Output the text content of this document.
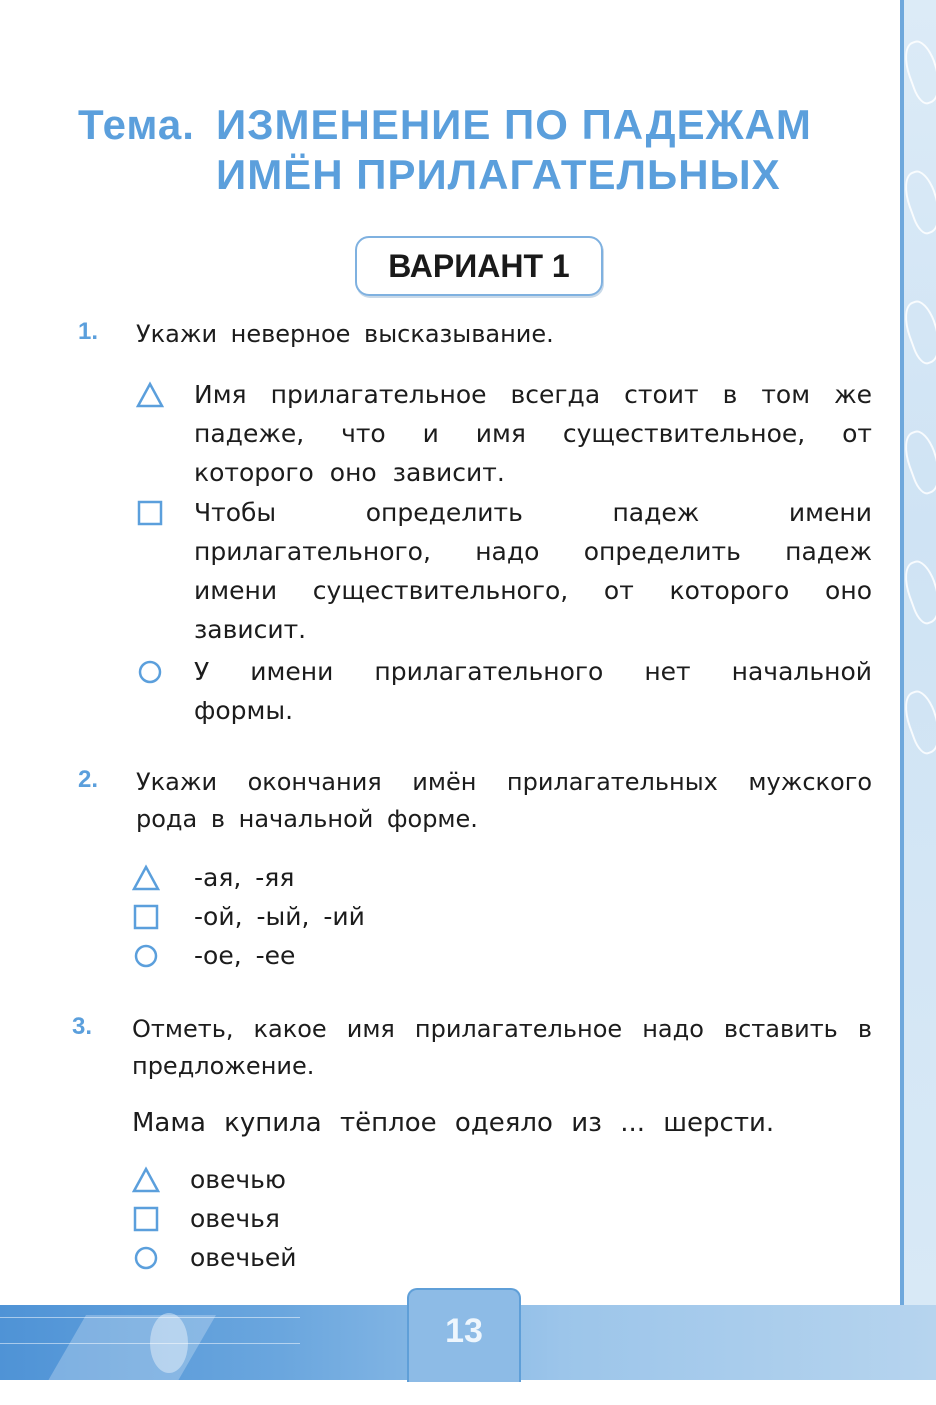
Тема. ИЗМЕНЕНИЕ ПО ПАДЕЖАМ
ИМЁН ПРИЛАГАТЕЛЬНЫХ
ВАРИАНТ 1
1. Укажи неверное высказывание.
Имя прилагательное всегда стоит в том же падеже, что и имя существительное, от которого оно зависит.
Чтобы определить падеж имени прилагательного, надо определить падеж имени существительного, от которого оно зависит.
У имени прилагательного нет начальной формы.
2. Укажи окончания имён прилагательных мужского рода в начальной форме.
-ая, -яя
-ой, -ый, -ий
-ое, -ее
3. Отметь, какое имя прилагательное надо вставить в предложение.
Мама купила тёплое одеяло из ... шерсти.
овечью
овечья
овечьей
13
